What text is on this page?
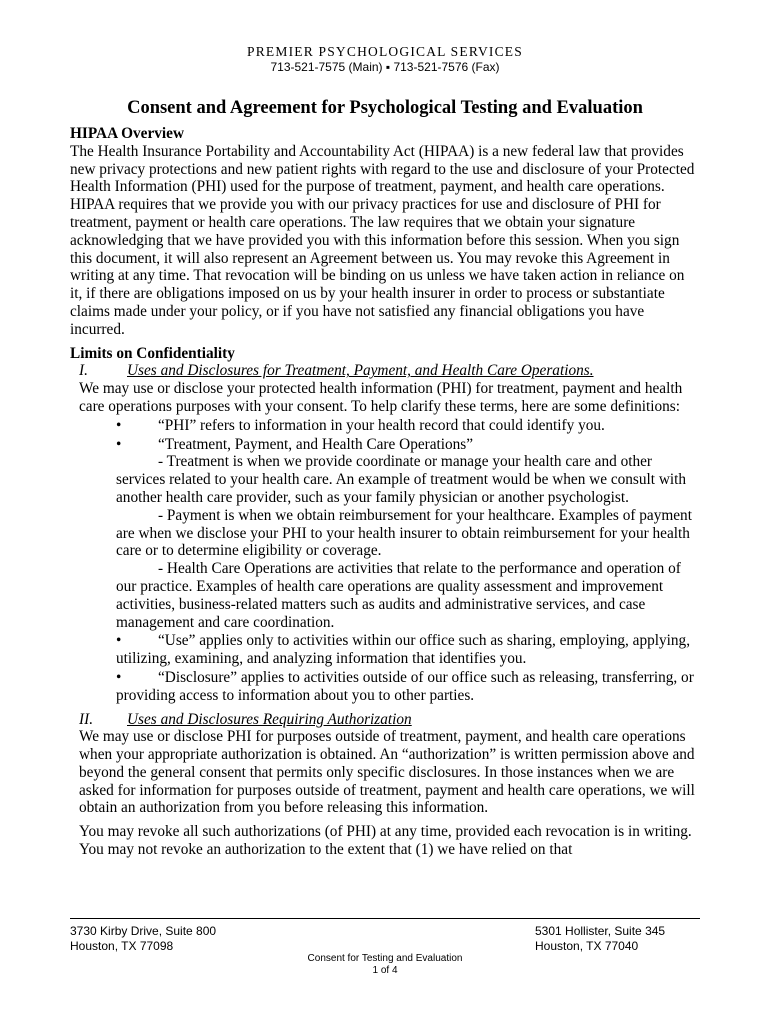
PREMIER PSYCHOLOGICAL SERVICES
713-521-7575 (Main) ▪ 713-521-7576 (Fax)
Consent and Agreement for Psychological Testing and Evaluation

HIPAA Overview

The Health Insurance Portability and Accountability Act (HIPAA) is a new federal law that provides new privacy protections and new patient rights with regard to the use and disclosure of your Protected Health Information (PHI) used for the purpose of treatment, payment, and health care operations. HIPAA requires that we provide you with our privacy practices for use and disclosure of PHI for treatment, payment or health care operations. The law requires that we obtain your signature acknowledging that we have provided you with this information before this session. When you sign this document, it will also represent an Agreement between us. You may revoke this Agreement in writing at any time. That revocation will be binding on us unless we have taken action in reliance on it, if there are obligations imposed on us by your health insurer in order to process or substantiate claims made under your policy, or if you have not satisfied any financial obligations you have incurred.

Limits on Confidentiality

I.	Uses and Disclosures for Treatment, Payment, and Health Care Operations.

We may use or disclose your protected health information (PHI) for treatment, payment and health care operations purposes with your consent. To help clarify these terms, here are some definitions:

•	“PHI” refers to information in your health record that could identify you.
•	“Treatment, Payment, and Health Care Operations”

- Treatment is when we provide coordinate or manage your health care and other services related to your health care. An example of treatment would be when we consult with another health care provider, such as your family physician or another psychologist.

- Payment is when we obtain reimbursement for your healthcare. Examples of payment are when we disclose your PHI to your health insurer to obtain reimbursement for your health care or to determine eligibility or coverage.

- Health Care Operations are activities that relate to the performance and operation of our practice. Examples of health care operations are quality assessment and improvement activities, business-related matters such as audits and administrative services, and case management and care coordination.

•	“Use” applies only to activities within our office such as sharing, employing, applying, utilizing, examining, and analyzing information that identifies you.
•	“Disclosure” applies to activities outside of our office such as releasing, transferring, or providing access to information about you to other parties.
II.	Uses and Disclosures Requiring Authorization

We may use or disclose PHI for purposes outside of treatment, payment, and health care operations when your appropriate authorization is obtained. An “authorization” is written permission above and beyond the general consent that permits only specific disclosures. In those instances when we are asked for information for purposes outside of treatment, payment and health care operations, we will obtain an authorization from you before releasing this information.

You may revoke all such authorizations (of PHI) at any time, provided each revocation is in writing. You may not revoke an authorization to the extent that (1) we have relied on that

3730 Kirby Drive, Suite 800
Houston, TX 77098
5301 Hollister, Suite 345
Houston, TX 77040
Consent for Testing and Evaluation
1 of 4
